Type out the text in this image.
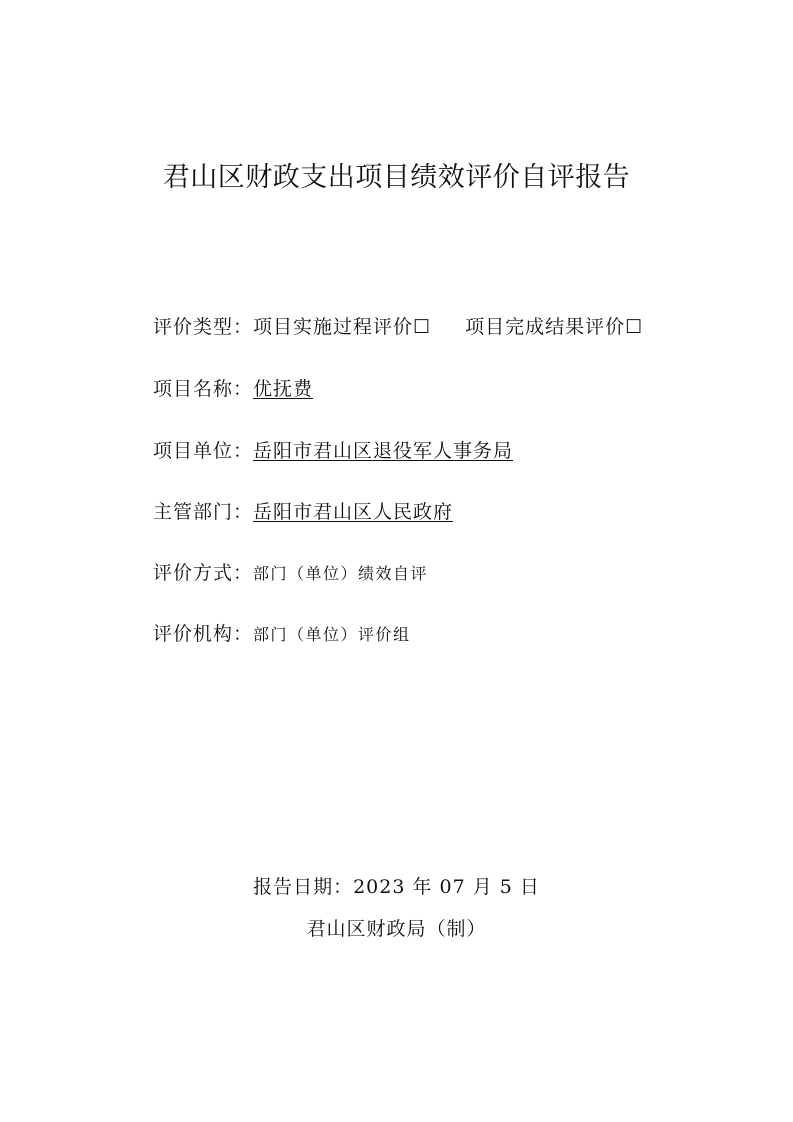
君山区财政支出项目绩效评价自评报告
评价类型：项目实施过程评价☐ 项目完成结果评价☐
项目名称：优抚费
项目单位：岳阳市君山区退役军人事务局
主管部门：岳阳市君山区人民政府
评价方式：部门（单位）绩效自评
评价机构：部门（单位）评价组
报告日期：2023 年 07 月 5 日
君山区财政局（制）
